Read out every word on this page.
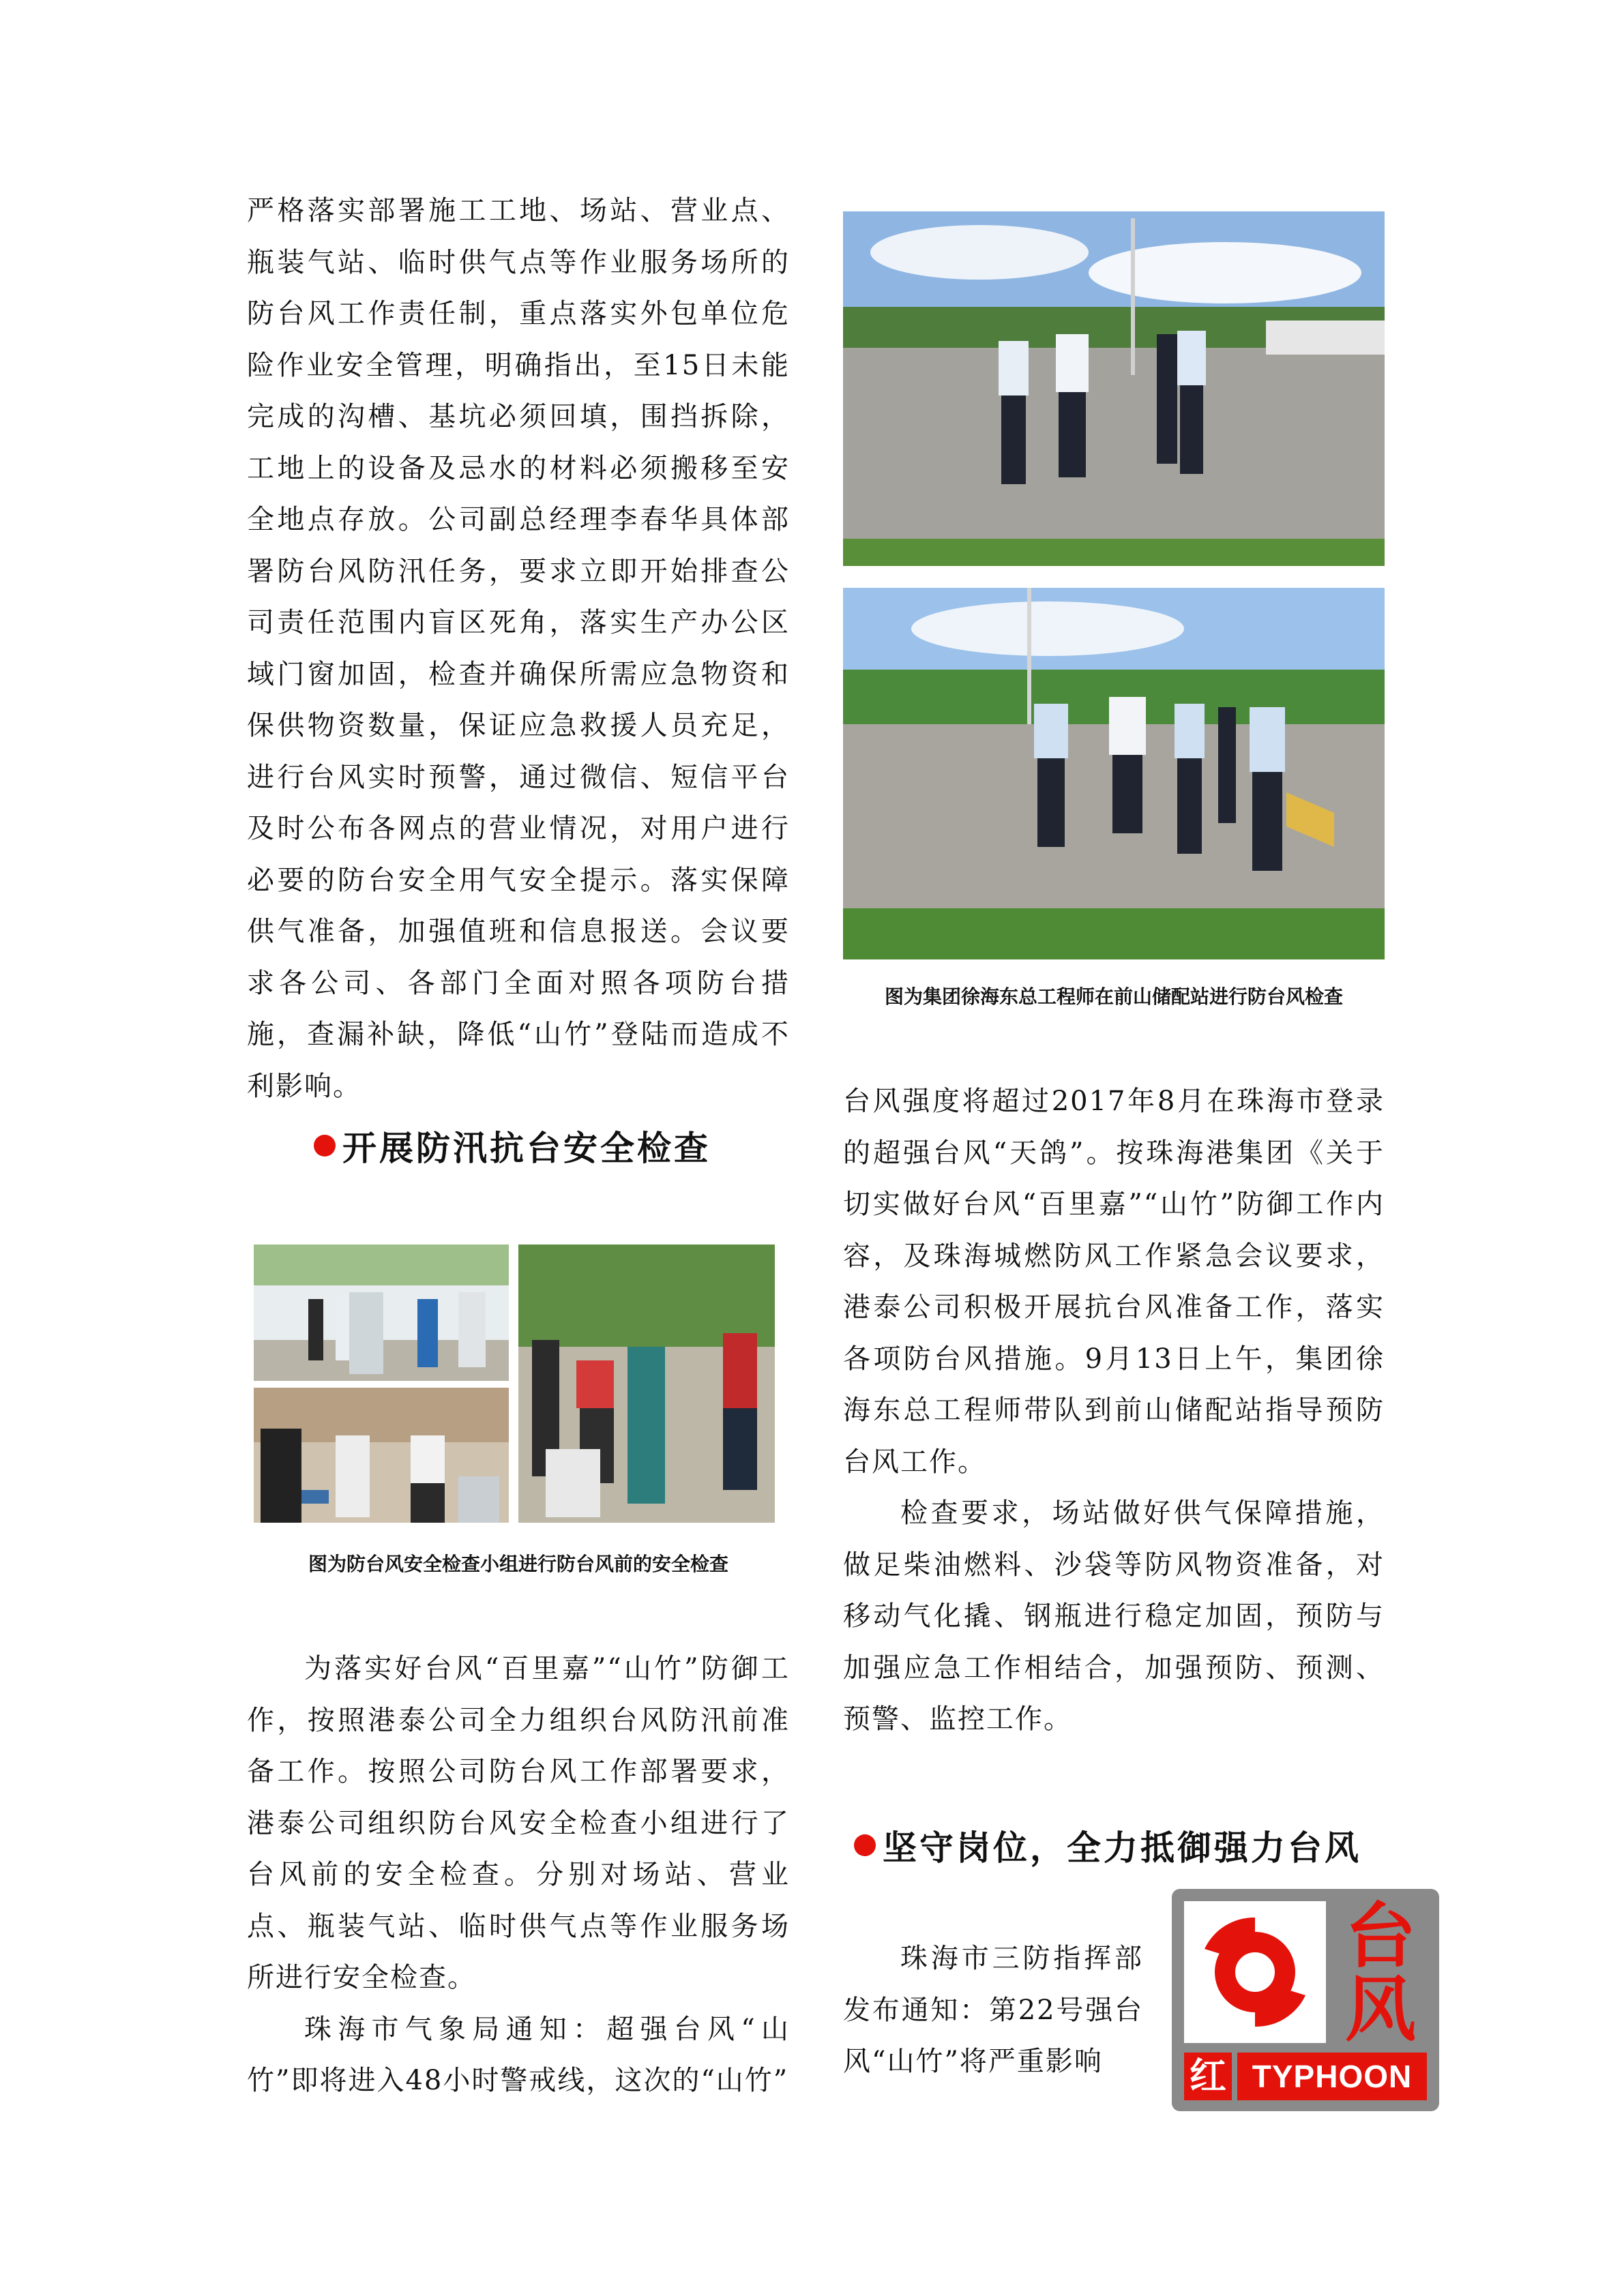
严格落实部署施工工地、场站、营业点、瓶装气站、临时供气点等作业服务场所的防台风工作责任制，重点落实外包单位危险作业安全管理，明确指出，至15日未能完成的沟槽、基坑必须回填，围挡拆除，工地上的设备及忌水的材料必须搬移至安全地点存放。公司副总经理李春华具体部署防台风防汛任务，要求立即开始排查公司责任范围内盲区死角，落实生产办公区域门窗加固，检查并确保所需应急物资和保供物资数量，保证应急救援人员充足，进行台风实时预警，通过微信、短信平台及时公布各网点的营业情况，对用户进行必要的防台安全用气安全提示。落实保障供气准备，加强值班和信息报送。会议要求各公司、各部门全面对照各项防台措施，查漏补缺，降低“山竹”登陆而造成不利影响。

开展防汛抗台安全检查
图为防台风安全检查小组进行防台风前的安全检查

为落实好台风“百里嘉”“山竹”防御工作，按照港泰公司全力组织台风防汛前准备工作。按照公司防台风工作部署要求，港泰公司组织防台风安全检查小组进行了台风前的安全检查。分别对场站、营业点、瓶装气站、临时供气点等作业服务场所进行安全检查。

珠海市气象局通知：超强台风“山竹”即将进入48小时警戒线，这次的“山竹”

图为集团徐海东总工程师在前山储配站进行防台风检查

台风强度将超过2017年8月在珠海市登录的超强台风“天鸽”。按珠海港集团《关于切实做好台风“百里嘉”“山竹”防御工作内容，及珠海城燃防风工作紧急会议要求，港泰公司积极开展抗台风准备工作，落实各项防台风措施。9月13日上午，集团徐海东总工程师带队到前山储配站指导预防台风工作。

检查要求，场站做好供气保障措施，做足柴油燃料、沙袋等防风物资准备，对移动气化撬、钢瓶进行稳定加固，预防与加强应急工作相结合，加强预防、预测、预警、监控工作。

坚守岗位，全力抵御强力台风

珠海市三防指挥部发布通知：第22号强台风“山竹”将严重影响

台
风
红 TYPHOON
